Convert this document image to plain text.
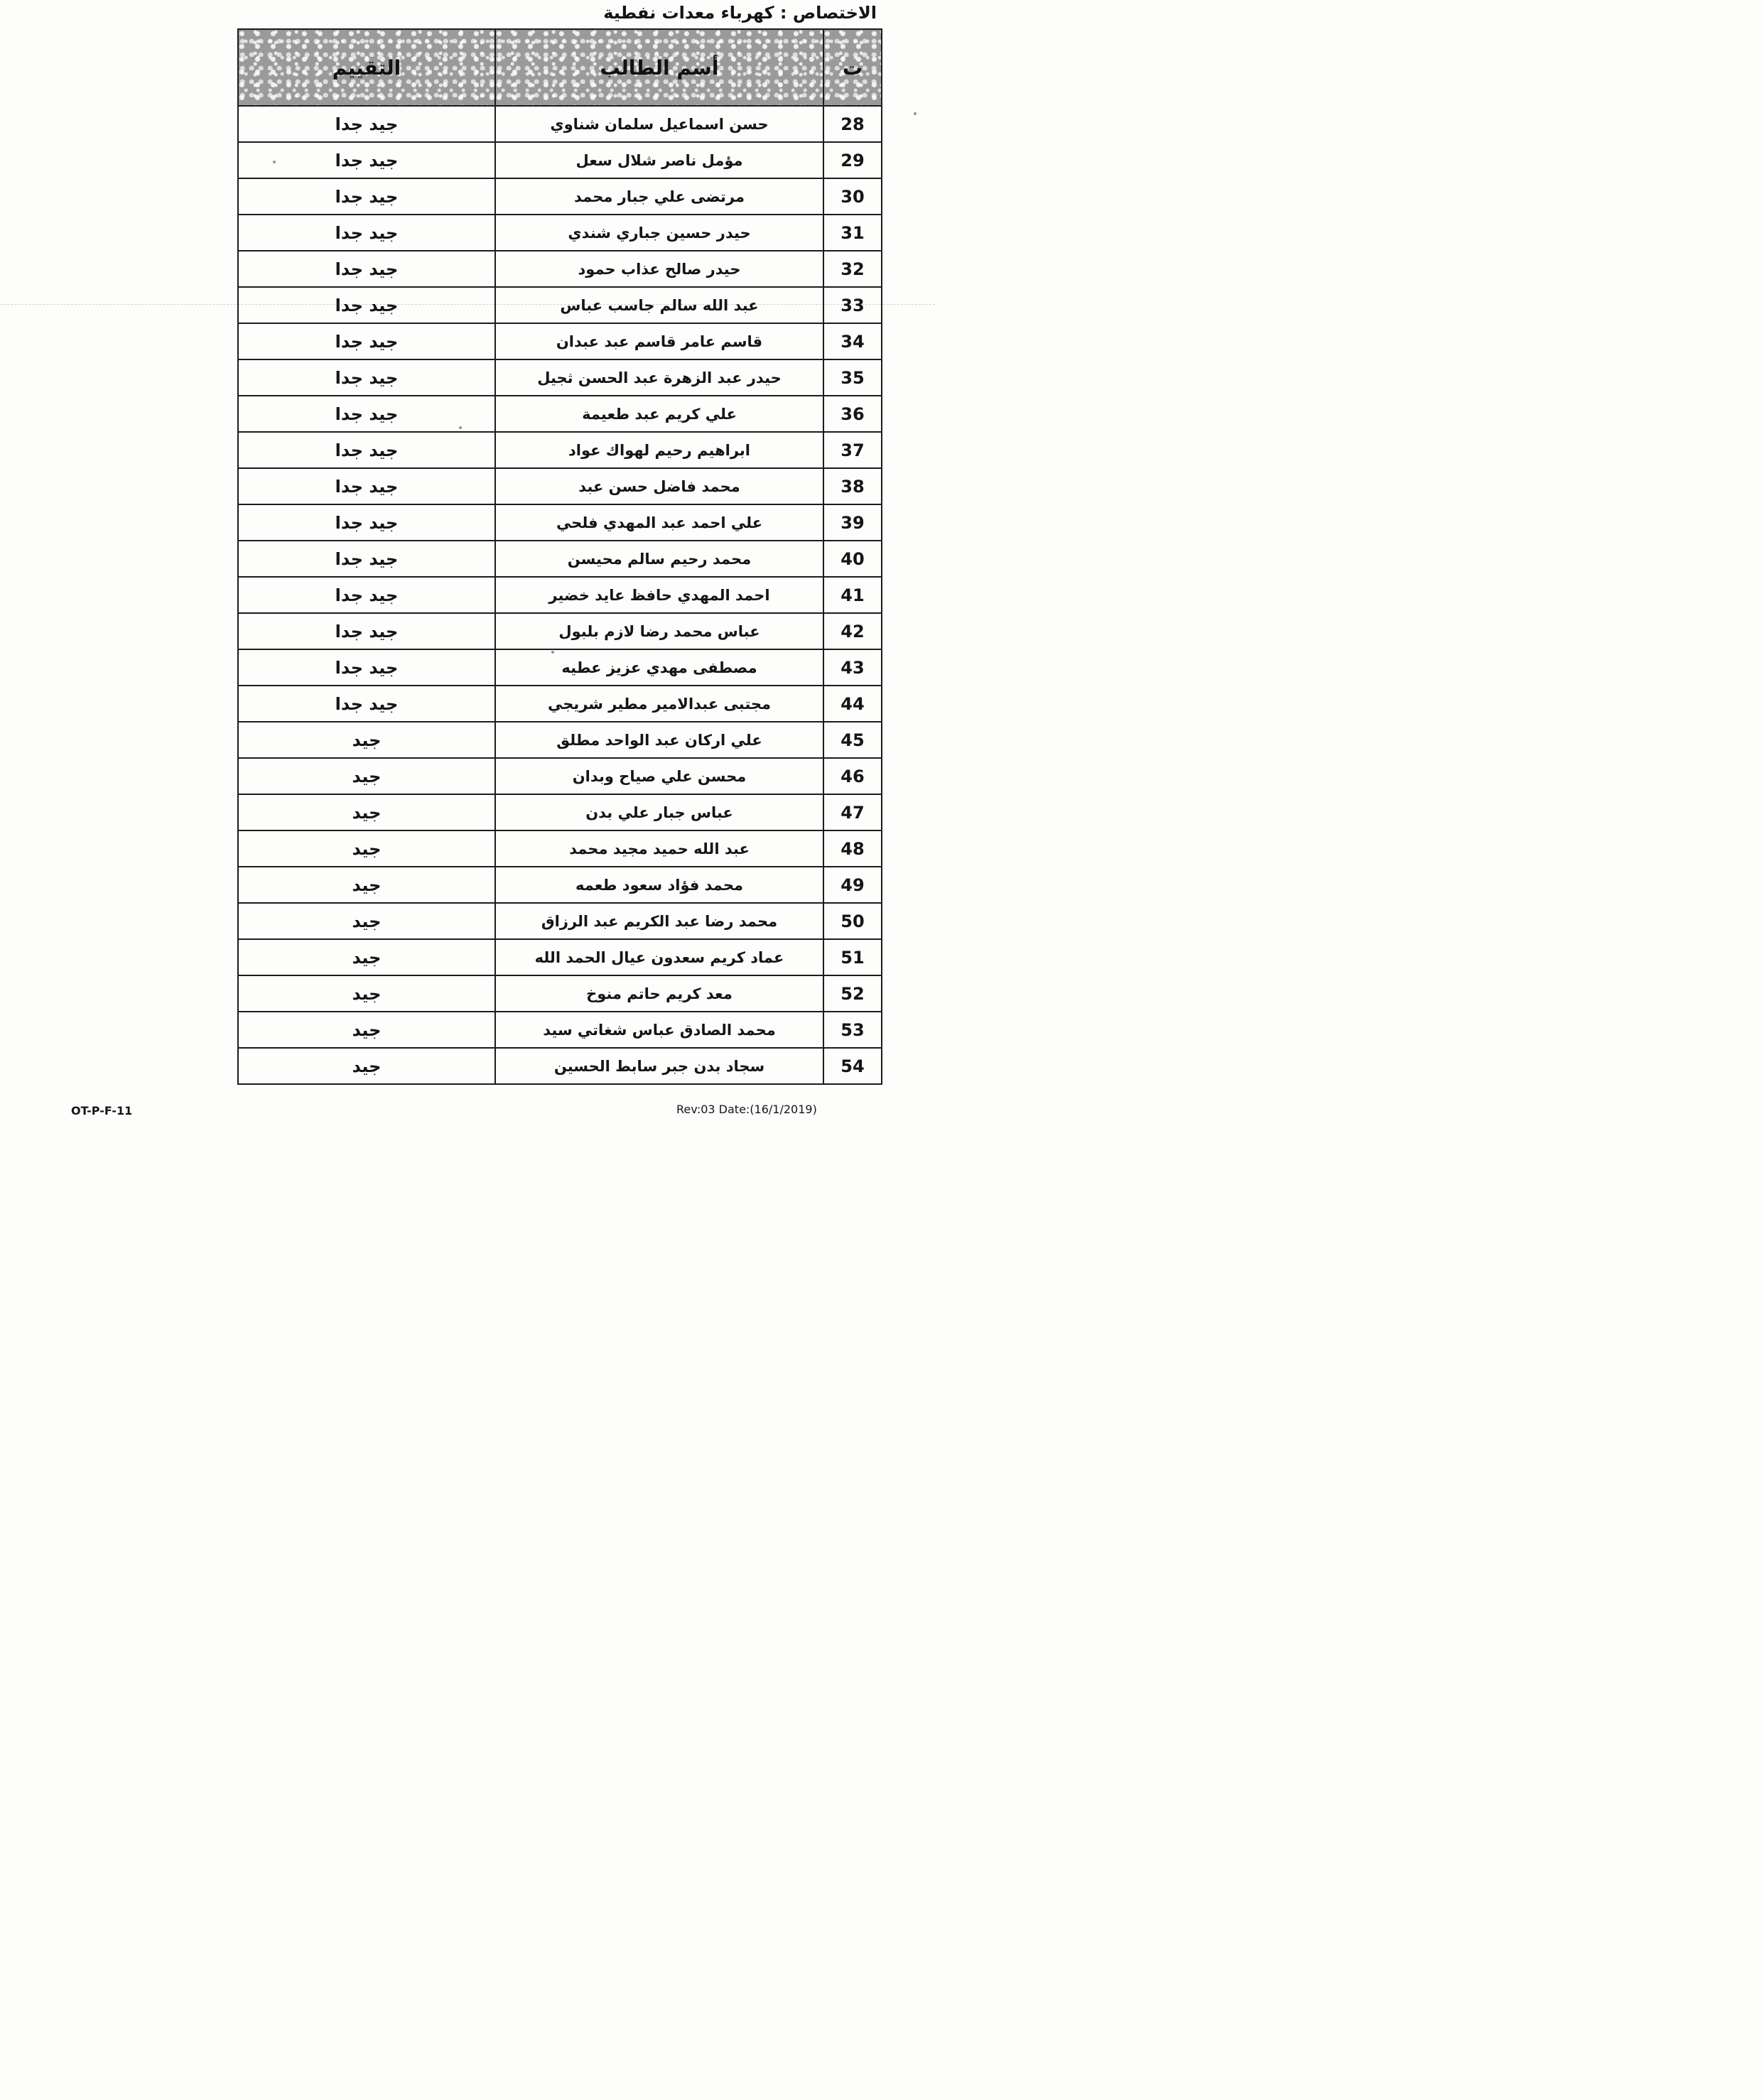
الاختصاص : كهرباء معدات نفطية
ت	أسم الطالب	التقييم
28	حسن اسماعيل سلمان شناوي	جيد جدا
29	مؤمل ناصر شلال سعل	جيد جدا
30	مرتضى علي جبار محمد	جيد جدا
31	حيدر حسين جباري شندي	جيد جدا
32	حيدر صالح عذاب حمود	جيد جدا
33	عبد الله سالم جاسب عباس	جيد جدا
34	قاسم عامر قاسم عبد عبدان	جيد جدا
35	حيدر عبد الزهرة عبد الحسن ثجيل	جيد جدا
36	علي كريم عبد طعيمة	جيد جدا
37	ابراهيم رحيم لهواك عواد	جيد جدا
38	محمد فاضل حسن عبد	جيد جدا
39	علي احمد عبد المهدي فلحي	جيد جدا
40	محمد رحيم سالم محيسن	جيد جدا
41	احمد المهدي حافظ عايد خضير	جيد جدا
42	عباس محمد رضا لازم بلبول	جيد جدا
43	مصطفى مهدي عزيز عطيه	جيد جدا
44	مجتبى عبدالامير مطير شريجي	جيد جدا
45	علي اركان عبد الواحد مطلق	جيد
46	محسن علي صياح وبدان	جيد
47	عباس جبار علي بدن	جيد
48	عبد الله حميد مجيد محمد	جيد
49	محمد فؤاد سعود طعمه	جيد
50	محمد رضا عبد الكريم عبد الرزاق	جيد
51	عماد كريم سعدون عيال الحمد الله	جيد
52	معد كريم حاتم منوخ	جيد
53	محمد الصادق عباس شغاتي سيد	جيد
54	سجاد بدن جبر سابط الحسين	جيد
OT-P-F-11	Rev:03 Date:(16/1/2019)
